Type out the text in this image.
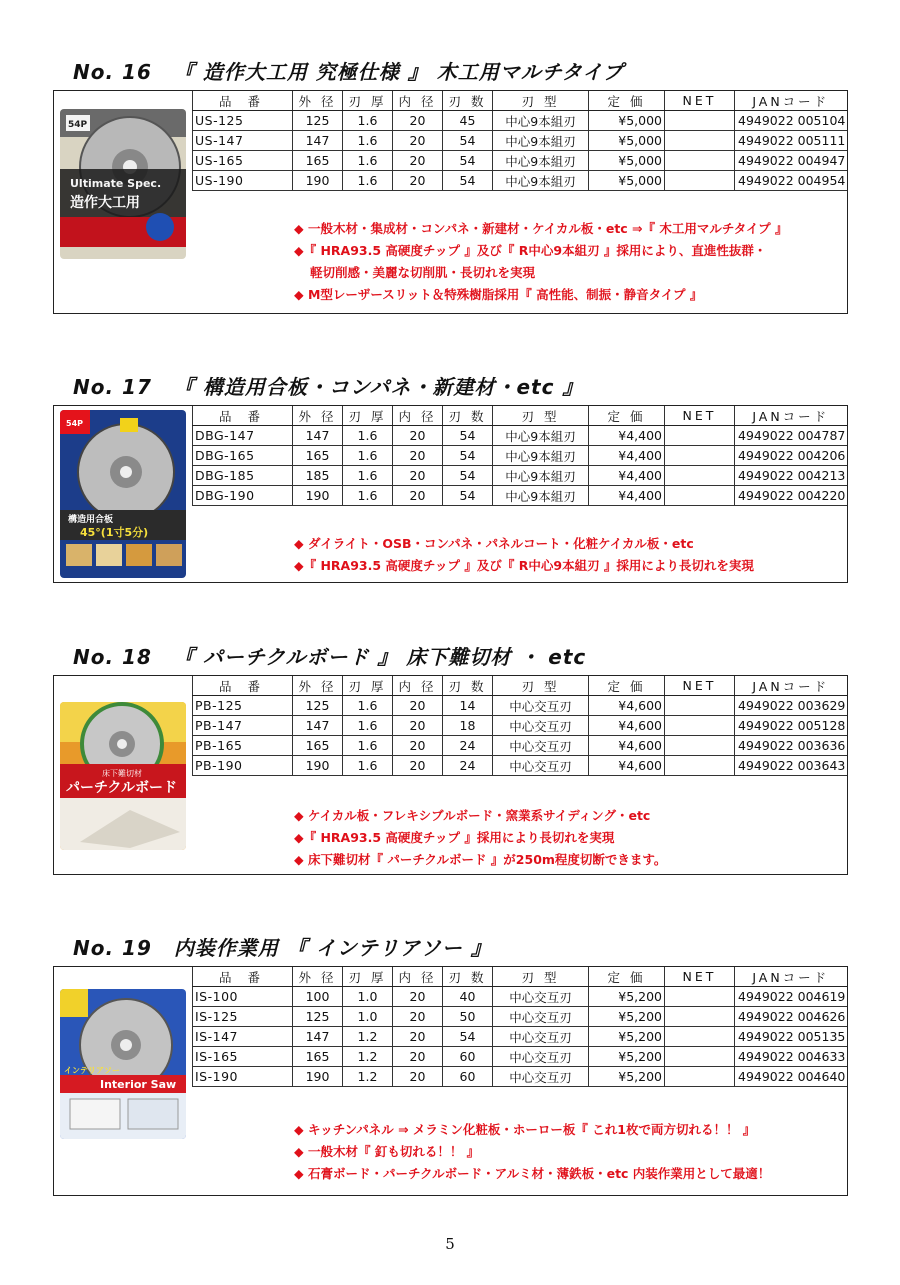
No. 16 『 造作大工用 究極仕様 』 木工用マルチタイプ
54P
Ultimate Spec.
造作大工用
品 番	外 径	刃 厚	内 径	刃 数	刃 型	定 価	NET	JANコード
US-125	125	1.6	20	45	中心9本組刃	¥5,000		4949022 005104
US-147	147	1.6	20	54	中心9本組刃	¥5,000		4949022 005111
US-165	165	1.6	20	54	中心9本組刃	¥5,000		4949022 004947
US-190	190	1.6	20	54	中心9本組刃	¥5,000		4949022 004954
◆ 一般木材・集成材・コンパネ・新建材・ケイカル板・etc ⇒『 木工用マルチタイプ 』
◆『 HRA93.5 高硬度チップ 』及び『 R中心9本組刃 』採用により、直進性抜群・
軽切削感・美麗な切削肌・長切れを実現
◆ M型レーザースリット＆特殊樹脂採用『 高性能、制振・静音タイプ 』
No. 17 『 構造用合板・コンパネ・新建材・etc 』
54P
構造用合板
45°(1寸5分)
品 番	外 径	刃 厚	内 径	刃 数	刃 型	定 価	NET	JANコード
DBG-147	147	1.6	20	54	中心9本組刃	¥4,400		4949022 004787
DBG-165	165	1.6	20	54	中心9本組刃	¥4,400		4949022 004206
DBG-185	185	1.6	20	54	中心9本組刃	¥4,400		4949022 004213
DBG-190	190	1.6	20	54	中心9本組刃	¥4,400		4949022 004220
◆ ダイライト・OSB・コンパネ・パネルコート・化粧ケイカル板・etc
◆『 HRA93.5 高硬度チップ 』及び『 R中心9本組刃 』採用により長切れを実現
No. 18 『 パーチクルボード 』 床下難切材 ・ etc
床下難切材
パーチクルボード
品 番	外 径	刃 厚	内 径	刃 数	刃 型	定 価	NET	JANコード
PB-125	125	1.6	20	14	中心交互刃	¥4,600		4949022 003629
PB-147	147	1.6	20	18	中心交互刃	¥4,600		4949022 005128
PB-165	165	1.6	20	24	中心交互刃	¥4,600		4949022 003636
PB-190	190	1.6	20	24	中心交互刃	¥4,600		4949022 003643
◆ ケイカル板・フレキシブルボード・窯業系サイディング・etc
◆『 HRA93.5 高硬度チップ 』採用により長切れを実現
◆ 床下難切材『 パーチクルボード 』が250m程度切断できます。
No. 19 内装作業用 『 インテリアソー 』
インテリアソー
Interior Saw
品 番	外 径	刃 厚	内 径	刃 数	刃 型	定 価	NET	JANコード
IS-100	100	1.0	20	40	中心交互刃	¥5,200		4949022 004619
IS-125	125	1.0	20	50	中心交互刃	¥5,200		4949022 004626
IS-147	147	1.2	20	54	中心交互刃	¥5,200		4949022 005135
IS-165	165	1.2	20	60	中心交互刃	¥5,200		4949022 004633
IS-190	190	1.2	20	60	中心交互刃	¥5,200		4949022 004640
◆ キッチンパネル ⇒ メラミン化粧板・ホーロー板『 これ1枚で両方切れる！！ 』
◆ 一般木材『 釘も切れる！！ 』
◆ 石膏ボード・パーチクルボード・アルミ材・薄鉄板・etc 内装作業用として最適！
5
